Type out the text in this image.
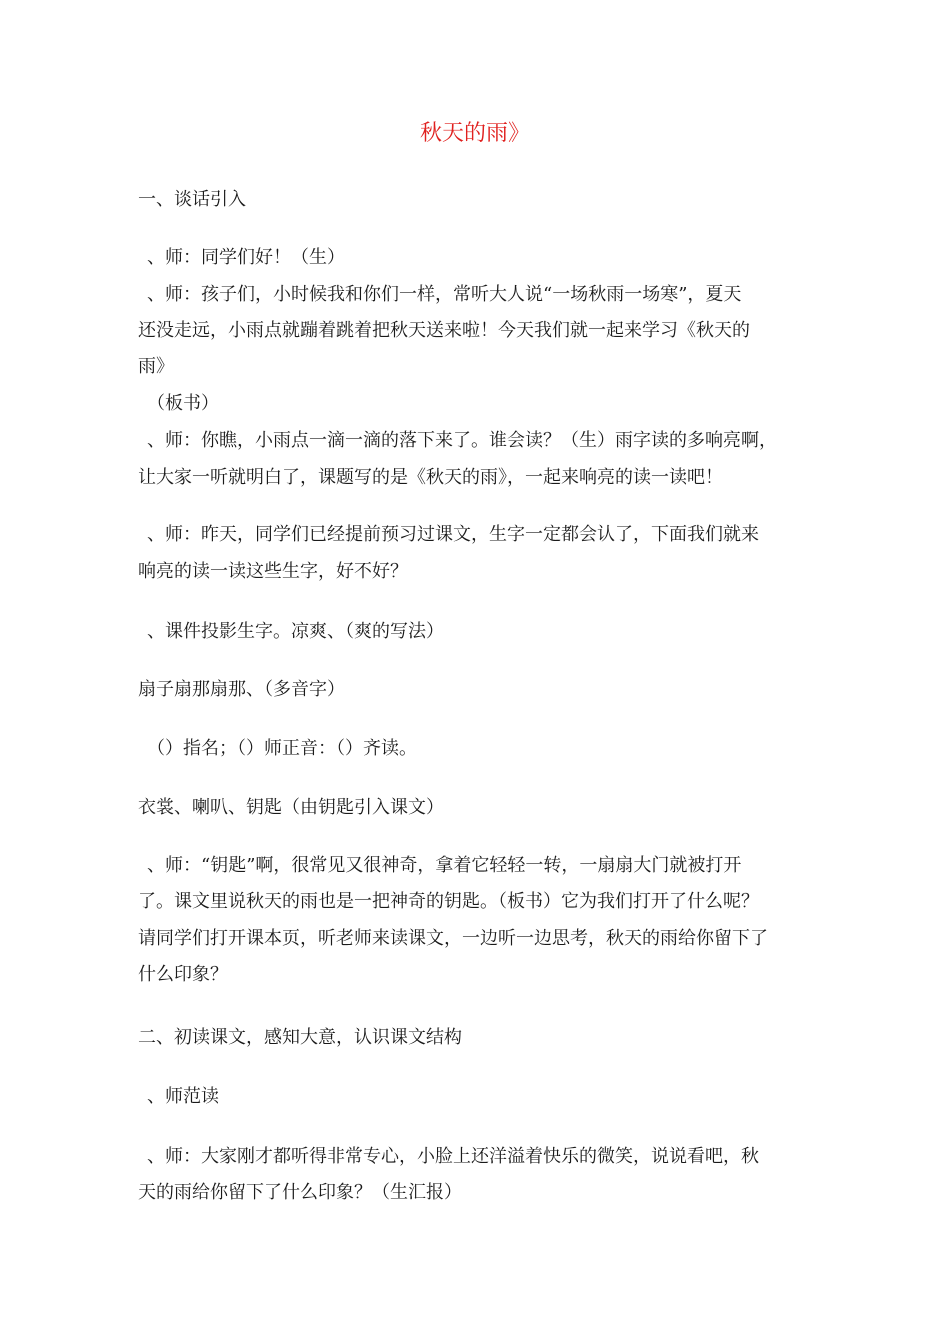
秋天的雨》

一、谈话引入

、师：同学们好！（生）

、师：孩子们，小时候我和你们一样，常听大人说“一场秋雨一场寒”，夏天

还没走远，小雨点就蹦着跳着把秋天送来啦！今天我们就一起来学习《秋天的

雨》

（板书）

、师：你瞧，小雨点一滴一滴的落下来了。谁会读？（生）雨字读的多响亮啊，

让大家一听就明白了，课题写的是《秋天的雨》，一起来响亮的读一读吧！

、师：昨天，同学们已经提前预习过课文，生字一定都会认了，下面我们就来

响亮的读一读这些生字，好不好？

、课件投影生字。凉爽、（爽的写法）

扇子扇那扇那、（多音字）

（）指名；（）师正音：（）齐读。

衣裳、喇叭、钥匙（由钥匙引入课文）

、师：“钥匙”啊，很常见又很神奇，拿着它轻轻一转，一扇扇大门就被打开

了。课文里说秋天的雨也是一把神奇的钥匙。（板书）它为我们打开了什么呢？

请同学们打开课本页，听老师来读课文，一边听一边思考，秋天的雨给你留下了

什么印象？

二、初读课文，感知大意，认识课文结构

、师范读

、师：大家刚才都听得非常专心，小脸上还洋溢着快乐的微笑，说说看吧，秋

天的雨给你留下了什么印象？（生汇报）
